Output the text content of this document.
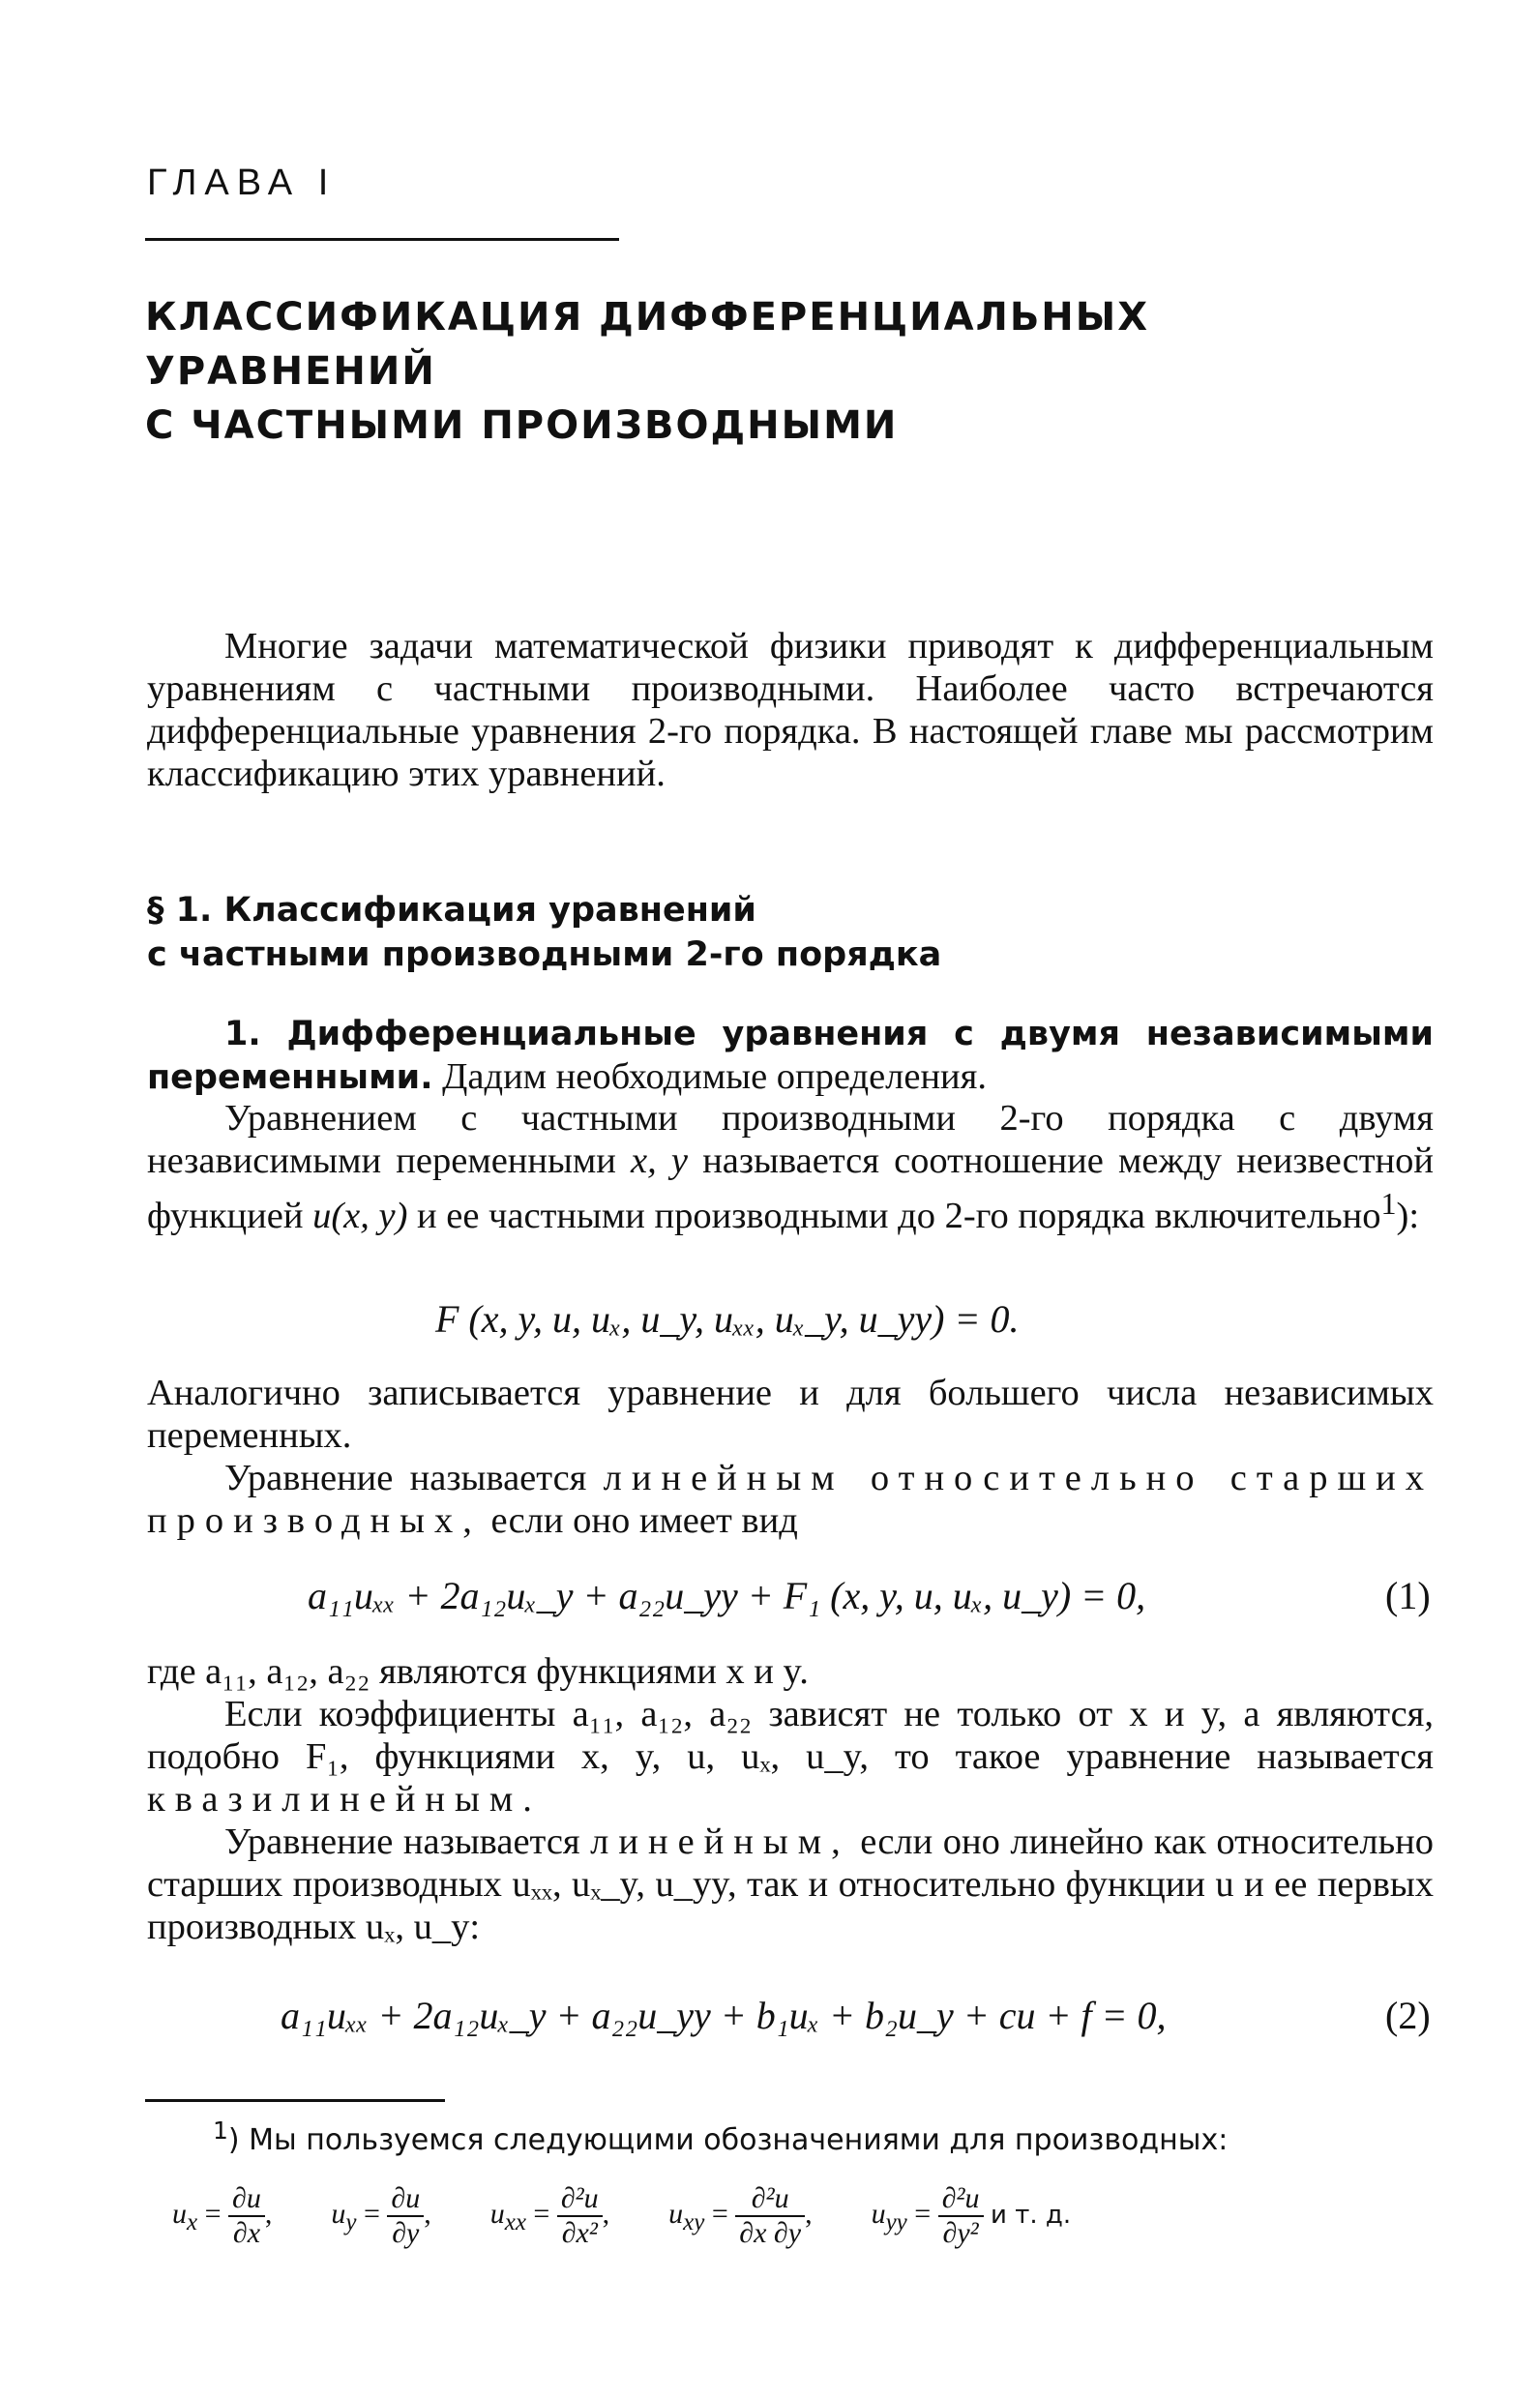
ГЛАВА I
КЛАССИФИКАЦИЯ ДИФФЕРЕНЦИАЛЬНЫХ УРАВНЕНИЙ
С ЧАСТНЫМИ ПРОИЗВОДНЫМИ
Многие задачи математической физики приводят к дифференциальным уравнениям с частными производными. Наиболее часто встречаются дифференциальные уравнения 2-го порядка. В настоящей главе мы рассмотрим классификацию этих уравнений.
§ 1. Классификация уравнений
с частными производными 2-го порядка
1. Дифференциальные уравнения с двумя независимыми переменными. Дадим необходимые определения.
Уравнением с частными производными 2-го порядка с двумя независимыми переменными x, y называется соотношение между неизвестной функцией u(x, y) и ее частными производными до 2-го порядка включительно$^1$):
F (x, y, u, uₓ, u_y, uₓₓ, uₓ_y, u_yy) = 0.
Аналогично записывается уравнение и для большего числа независимых переменных.
Уравнение называется линейным относительно старших производных, если оно имеет вид
a₁₁uₓₓ + 2a₁₂uₓ_y + a₂₂u_yy + F₁ (x, y, u, uₓ, u_y) = 0,	(1)
где a₁₁, a₁₂, a₂₂ являются функциями x и y.
Если коэффициенты a₁₁, a₁₂, a₂₂ зависят не только от x и y, а являются, подобно F₁, функциями x, y, u, uₓ, u_y, то такое уравнение называется квазилинейным.
Уравнение называется линейным, если оно линейно как относительно старших производных uₓₓ, uₓ_y, u_yy, так и относительно функции u и ее первых производных uₓ, u_y:
a₁₁uₓₓ + 2a₁₂uₓ_y + a₂₂u_yy + b₁uₓ + b₂u_y + cu + f = 0,	(2)
$^1$) Мы пользуемся следующими обозначениями для производных:
$u_x = \frac{\partial u}{\partial x}$ ,  $u_y = \frac{\partial u}{\partial y}$ ,  $u_{xx} = \frac{\text{∂²u}}{\text{∂x²}}$ ,  $u_{xy} = \frac{\text{∂²u}}{\partial x \partial y}$ ,  $u_{yy} = \frac{\text{∂²u}}{\text{∂y²}}$ и т. д.
